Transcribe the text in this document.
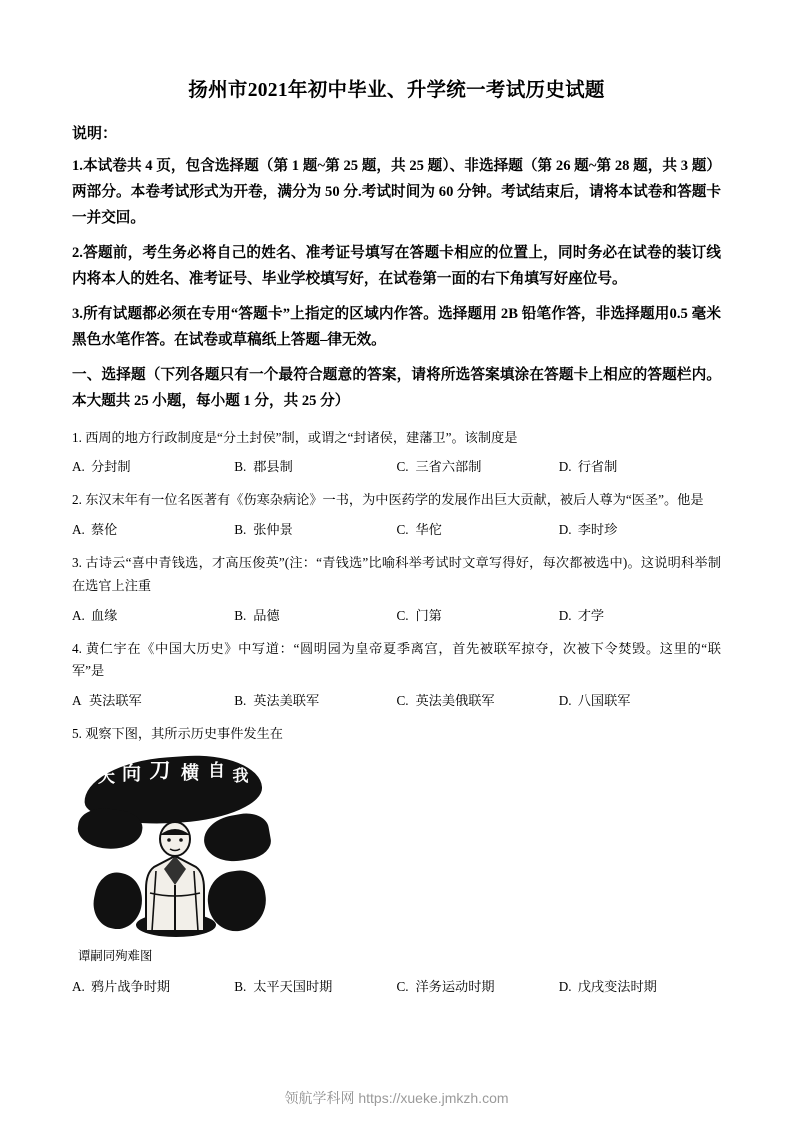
扬州市2021年初中毕业、升学统一考试历史试题
说明：

1.本试卷共 4 页，包含选择题（第 1 题~第 25 题，共 25 题）、非选择题（第 26 题~第 28 题，共 3 题）两部分。本卷考试形式为开卷，满分为 50 分.考试时间为 60 分钟。考试结束后，请将本试卷和答题卡一并交回。

2.答题前，考生务必将自己的姓名、准考证号填写在答题卡相应的位置上，同时务必在试卷的装订线内将本人的姓名、准考证号、毕业学校填写好，在试卷第一面的右下角填写好座位号。

3.所有试题都必须在专用“答题卡”上指定的区域内作答。选择题用 2B 铅笔作答，非选择题用0.5 毫米黑色水笔作答。在试卷或草稿纸上答题–律无效。

一、选择题（下列各题只有一个最符合题意的答案，请将所选答案填涂在答题卡上相应的答题栏内。本大题共 25 小题，每小题 1 分，共 25 分）

1. 西周的地方行政制度是“分土封侯”制，或谓之“封诸侯，建藩卫”。该制度是
A. 分封制	B. 郡县制	C. 三省六部制	D. 行省制
2. 东汉末年有一位名医著有《伤寒杂病论》一书，为中医药学的发展作出巨大贡献，被后人尊为“医圣”。他是
A. 蔡伦	B. 张仲景	C. 华佗	D. 李时珍
3. 古诗云“喜中青钱选，才高压俊英”(注：“青钱选”比喻科举考试时文章写得好，每次都被选中)。这说明科举制在选官上注重
A. 血缘	B. 品德	C. 门第	D. 才学
4. 黄仁宇在《中国大历史》中写道：“圆明园为皇帝夏季离宫，首先被联军掠夺，次被下令焚毁。这里的“联军”是
A 英法联军	B. 英法美联军	C. 英法美俄联军	D. 八国联军
5. 观察下图，其所示历史事件发生在
我
自
横
刀
向
天
谭嗣同殉难图
A. 鸦片战争时期	B. 太平天国时期	C. 洋务运动时期	D. 戊戌变法时期
领航学科网 https://xueke.jmkzh.com
